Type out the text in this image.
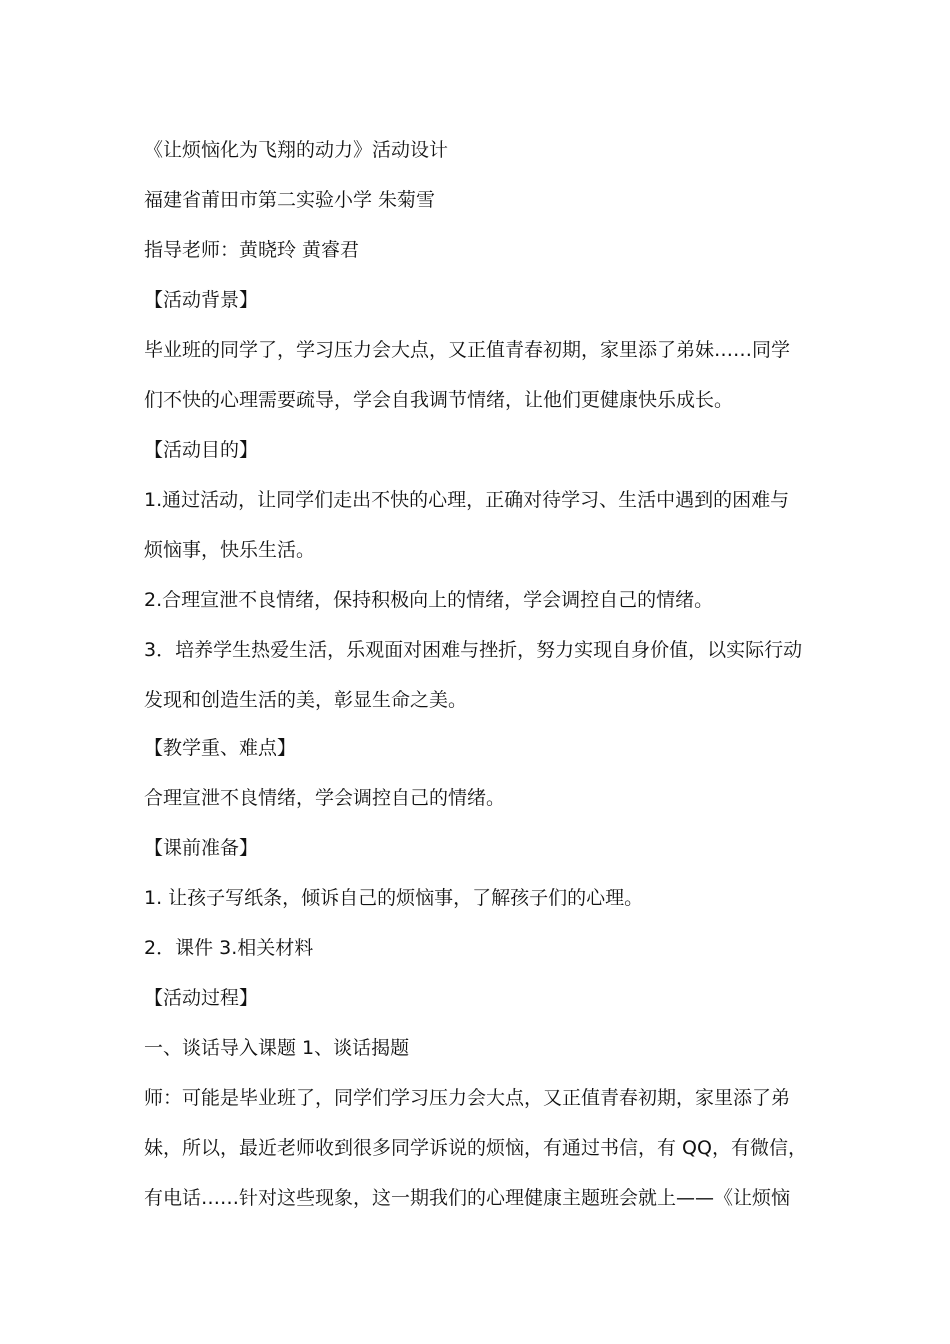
《让烦恼化为飞翔的动力》活动设计
福建省莆田市第二实验小学 朱菊雪
指导老师：黄晓玲 黄睿君
【活动背景】
毕业班的同学了，学习压力会大点，又正值青春初期，家里添了弟妹……同学
们不快的心理需要疏导，学会自我调节情绪，让他们更健康快乐成长。
【活动目的】
1.通过活动，让同学们走出不快的心理，正确对待学习、生活中遇到的困难与
烦恼事，快乐生活。
2.合理宣泄不良情绪，保持积极向上的情绪，学会调控自己的情绪。
3．培养学生热爱生活，乐观面对困难与挫折，努力实现自身价值，以实际行动
发现和创造生活的美，彰显生命之美。
【教学重、难点】
合理宣泄不良情绪，学会调控自己的情绪。
【课前准备】
1. 让孩子写纸条，倾诉自己的烦恼事，了解孩子们的心理。
2．课件 3.相关材料
【活动过程】
一、谈话导入课题 1、谈话揭题
师：可能是毕业班了，同学们学习压力会大点，又正值青春初期，家里添了弟
妹，所以，最近老师收到很多同学诉说的烦恼，有通过书信，有 QQ，有微信，
有电话……针对这些现象，这一期我们的心理健康主题班会就上——《让烦恼
